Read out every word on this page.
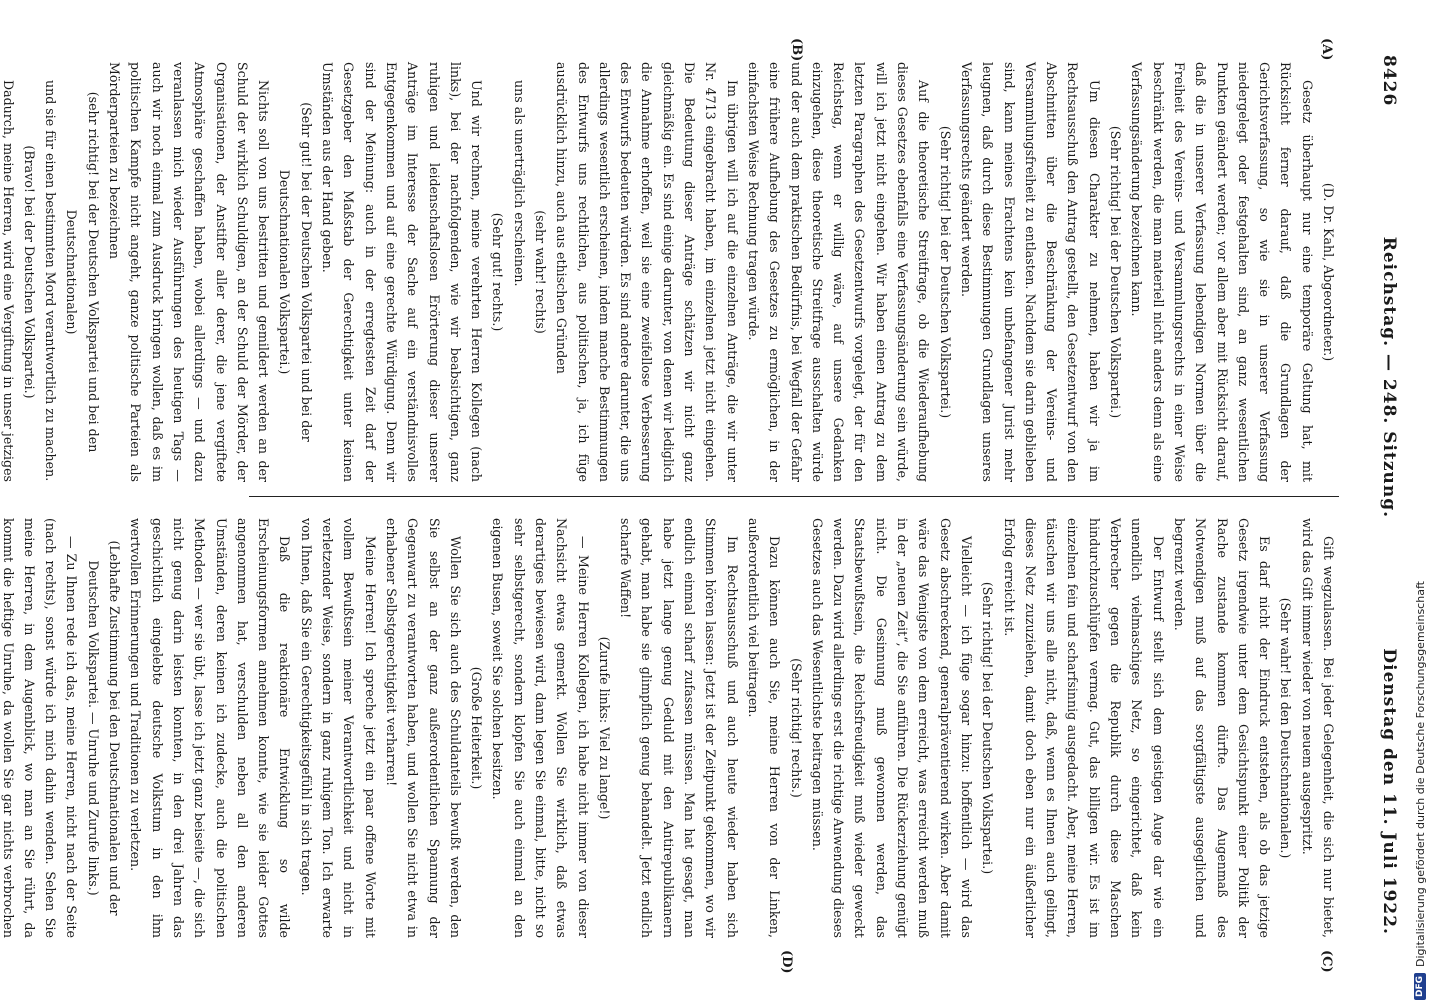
8426
Reichstag. — 248. Sitzung.
Dienstag den 11. Juli 1922.
(A)
(B)
(C)
(D)

(D. Dr. Kahl, Abgeordneter.)

Gesetz überhaupt nur eine temporäre Geltung hat, mit Rücksicht ferner darauf, daß die Grundlagen der Gerichtsverfassung, so wie sie in unserer Verfassung niedergelegt oder festgehalten sind, an ganz wesentlichen Punkten geändert werden; vor allem aber mit Rücksicht darauf, daß die in unserer Verfassung lebendigen Normen über die Freiheit des Vereins- und Versammlungsrechts in einer Weise beschränkt werden, die man materiell nicht anders denn als eine Verfassungsänderung bezeichnen kann.

(Sehr richtig! bei der Deutschen Volkspartei.)

Um diesen Charakter zu nehmen, haben wir ja im Rechtsausschuß den Antrag gestellt, den Gesetzentwurf von den Abschnitten über die Beschränkung der Vereins- und Versammlungsfreiheit zu entlasten. Nachdem sie darin geblieben sind, kann meines Erachtens kein unbefangener Jurist mehr leugnen, daß durch diese Bestimmungen Grundlagen unseres Verfassungsrechts geändert werden.

(Sehr richtig! bei der Deutschen Volkspartei.)

Auf die theoretische Streitfrage, ob die Wiederaufhebung dieses Gesetzes ebenfalls eine Verfassungsänderung sein würde, will ich jetzt nicht eingehen. Wir haben einen Antrag zu dem letzten Paragraphen des Gesetzentwurfs vorgelegt, der für den Reichstag, wenn er willig wäre, auf unsere Gedanken einzugehen, diese theoretische Streitfrage ausschalten würde und der auch dem praktischen Bedürfnis, bei Wegfall der Gefahr eine frühere Aufhebung des Gesetzes zu ermöglichen, in der einfachsten Weise Rechnung tragen würde.

Im übrigen will ich auf die einzelnen Anträge, die wir unter Nr. 4713 eingebracht haben, im einzelnen jetzt nicht eingehen. Die Bedeutung dieser Anträge schätzen wir nicht ganz gleichmäßig ein. Es sind einige darunter, von denen wir lediglich die Annahme erhoffen, weil sie eine zweifellose Verbesserung des Entwurfs bedeuten würden. Es sind andere darunter, die uns allerdings wesentlich erscheinen, indem manche Bestimmungen des Entwurfs uns rechtlichen, aus politischen, ja, ich füge ausdrücklich hinzu, auch aus ethischen Gründen

(sehr wahr! rechts)

uns als unerträglich erscheinen.

(Sehr gut! rechts.)

Und wir rechnen, meine verehrten Herren Kollegen (nach links), bei der nachfolgenden, wie wir beabsichtigen, ganz ruhigen und leidenschaftslosen Erörterung dieser unserer Anträge im Interesse der Sache auf ein verständnisvolles Entgegenkommen und auf eine gerechte Würdigung. Denn wir sind der Meinung: auch in der erregtesten Zeit darf der Gesetzgeber den Maßstab der Gerechtigkeit unter keinen Umständen aus der Hand geben.

(Sehr gut! bei der Deutschen Volkspartei und bei der Deutschnationalen Volkspartei.)

Nichts soll von uns bestritten und gemildert werden an der Schuld der wirklich Schuldigen, an der Schuld der Mörder, der Organisationen, der Anstifter aller derer, die jene vergiftete Atmosphäre geschaffen haben, wobei allerdings — und dazu veranlassen mich wieder Ausführungen des heutigen Tags — auch wir noch einmal zum Ausdruck bringen wollen, daß es im politischen Kampfe nicht angeht, ganze politische Parteien als Mörderparteien zu bezeichnen

(sehr richtig! bei der Deutschen Volkspartei und bei den Deutschnationalen)

und sie für einen bestimmten Mord verantwortlich zu machen.

(Bravo! bei der Deutschen Volkspartei.)

Dadurch, meine Herren, wird eine Vergiftung in unser jetziges

Gift wegzulassen. Bei jeder Gelegenheit, die sich nur bietet, wird das Gift immer wieder von neuem ausgespritzt.

(Sehr wahr! bei den Deutschnationalen.)

Es darf nicht der Eindruck entstehen, als ob das jetzige Gesetz irgendwie unter dem Gesichtspunkt einer Politik der Rache zustande kommen dürfte. Das Augenmaß des Notwendigen muß auf das sorgfältigste ausgeglichen und begrenzt werden.

Der Entwurf stellt sich dem geistigen Auge dar wie ein unendlich vielmaschiges Netz, so eingerichtet, daß kein Verbrecher gegen die Republik durch diese Maschen hindurchzuschlüpfen vermag. Gut, das billigen wir. Es ist im einzelnen fein und scharfsinnig ausgedacht. Aber, meine Herren, täuschen wir uns alle nicht, daß, wenn es Ihnen auch gelingt, dieses Netz zuzuziehen, damit doch eben nur ein äußerlicher Erfolg erreicht ist.

(Sehr richtig! bei der Deutschen Volkspartei.)

Vielleicht — ich füge sogar hinzu: hoffentlich — wird das Gesetz abschreckend, generalpräventierend wirken. Aber damit wäre das Wenigste von dem erreicht, was erreicht werden muß in der „neuen Zeit“, die Sie anführen. Die Rückerziehung genügt nicht. Die Gesinnung muß gewonnen werden, das Staatsbewußtsein, die Reichsfreudigkeit muß wieder geweckt werden. Dazu wird allerdings erst die richtige Anwendung dieses Gesetzes auch das Wesentlichste beitragen müssen.

(Sehr richtig! rechts.)

Dazu können auch Sie, meine Herren von der Linken, außerordentlich viel beitragen.

Im Rechtsausschuß und auch heute wieder haben sich Stimmen hören lassen: Jetzt ist der Zeitpunkt gekommen, wo wir endlich einmal scharf zufassen müssen. Man hat gesagt, man habe jetzt lange genug Geduld mit den Antirepublikanern gehabt, man habe sie glimpflich genug behandelt. Jetzt endlich scharfe Waffen!

(Zurufe links: Viel zu lange!)

— Meine Herren Kollegen, ich habe nicht immer von dieser Nachsicht etwas gemerkt. Wollen Sie wirklich, daß etwas derartiges bewiesen wird, dann legen Sie einmal, bitte, nicht so sehr selbstgerecht, sondern klopfen Sie auch einmal an den eigenen Busen, soweit Sie solchen besitzen.

(Große Heiterkeit.)

Wollen Sie sich auch des Schuldanteils bewußt werden, den Sie selbst an der ganz außerordentlichen Spannung der Gegenwart zu verantworten haben, und wollen Sie nicht etwa in erhabener Selbstgerechtigkeit verharren!

Meine Herren! Ich spreche jetzt ein paar offene Worte mit vollem Bewußtsein meiner Verantwortlichkeit und nicht in verletzender Weise, sondern in ganz ruhigem Ton. Ich erwarte von Ihnen, daß Sie ein Gerechtigkeitsgefühl in sich tragen.

Daß die reaktionäre Entwicklung so wilde Erscheinungsformen annehmen konnte, wie sie leider Gottes angenommen hat, verschulden neben all den anderen Umständen, deren keinen ich zudecke, auch die politischen Methoden — wer sie übt, lasse ich jetzt ganz beiseite —, die sich nicht genug darin leisten konnten, in den drei Jahren das geschichtlich eingelebte deutsche Volkstum in den ihm wertvollen Erinnerungen und Traditionen zu verletzen.

(Lebhafte Zustimmung bei den Deutschnationalen und der Deutschen Volkspartei. — Unruhe und Zurufe links.)

— Zu Ihnen rede ich das, meine Herren, nicht nach der Seite (nach rechts), sonst würde ich mich dahin wenden. Sehen Sie meine Herren, in dem Augenblick, wo man an Sie rührt, da kommt die heftige Unruhe, da wollen Sie gar nichts verbrochen

DFG
Digitalisierung gefördert durch die Deutsche Forschungsgemeinschaft
